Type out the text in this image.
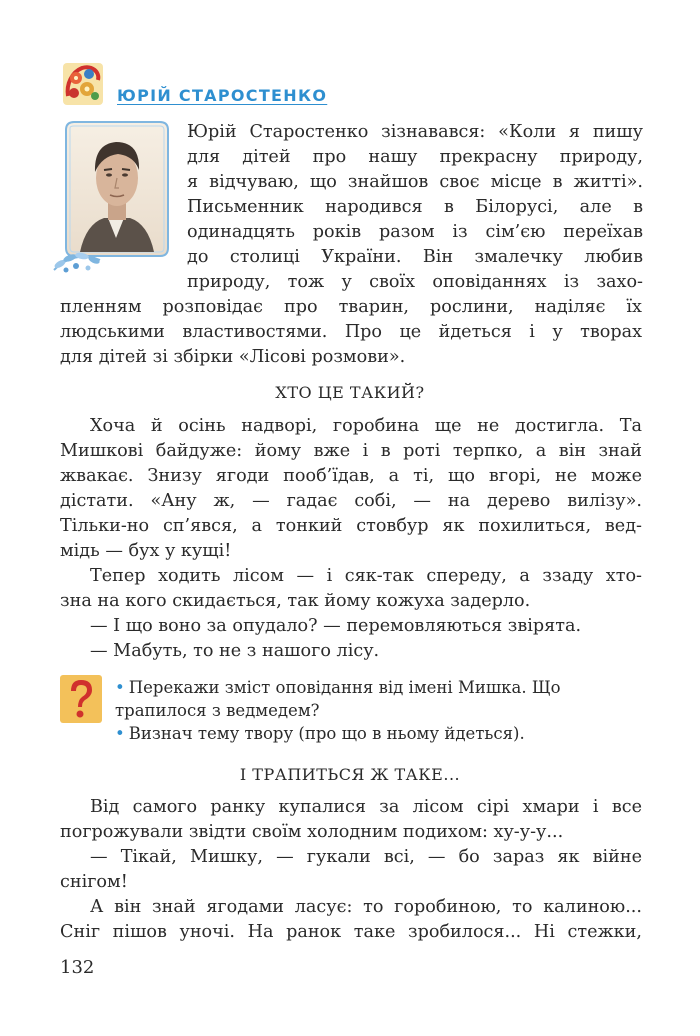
ЮРІЙ СТАРОСТЕНКО
Юрій Старостенко зізнавався: «Коли я пишу
для дітей про нашу прекрасну природу,
я відчуваю, що знайшов своє місце в житті».
Письменник народився в Білорусі, але в
одинадцять років разом із сім’єю переїхав
до столиці України. Він змалечку любив
природу, тож у своїх оповіданнях із захо-
пленням розповідає про тварин, рослини, наділяє їх
людськими властивостями. Про це йдеться і у творах
для дітей зі збірки «Лісові розмови».
ХТО ЦЕ ТАКИЙ?
Хоча й осінь надворі, горобина ще не достигла. Та
Мишкові байдуже: йому вже і в роті терпко, а він знай
жвакає. Знизу ягоди пооб’їдав, а ті, що вгорі, не може
дістати. «Ану ж, — гадає собі, — на дерево вилізу».
Тільки-но сп’явся, а тонкий стовбур як похилиться, вед-
мідь — бух у кущі!
Тепер ходить лісом — і сяк-так спереду, а ззаду хто-
зна на кого скидається, так йому кожуха задерло.
— І що воно за опудало? — перемовляються звірята.
— Мабуть, то не з нашого лісу.
• Перекажи зміст оповідання від імені Мишка. Що
трапилося з ведмедем?
• Визнач тему твору (про що в ньому йдеться).
І ТРАПИТЬСЯ Ж ТАКЕ...
Від самого ранку купалися за лісом сірі хмари і все
погрожували звідти своїм холодним подихом: ху-у-у...
— Тікай, Мишку, — гукали всі, — бо зараз як війне
снігом!
А він знай ягодами ласує: то горобиною, то калиною...
Сніг пішов уночі. На ранок таке зробилося... Ні стежки,
132
